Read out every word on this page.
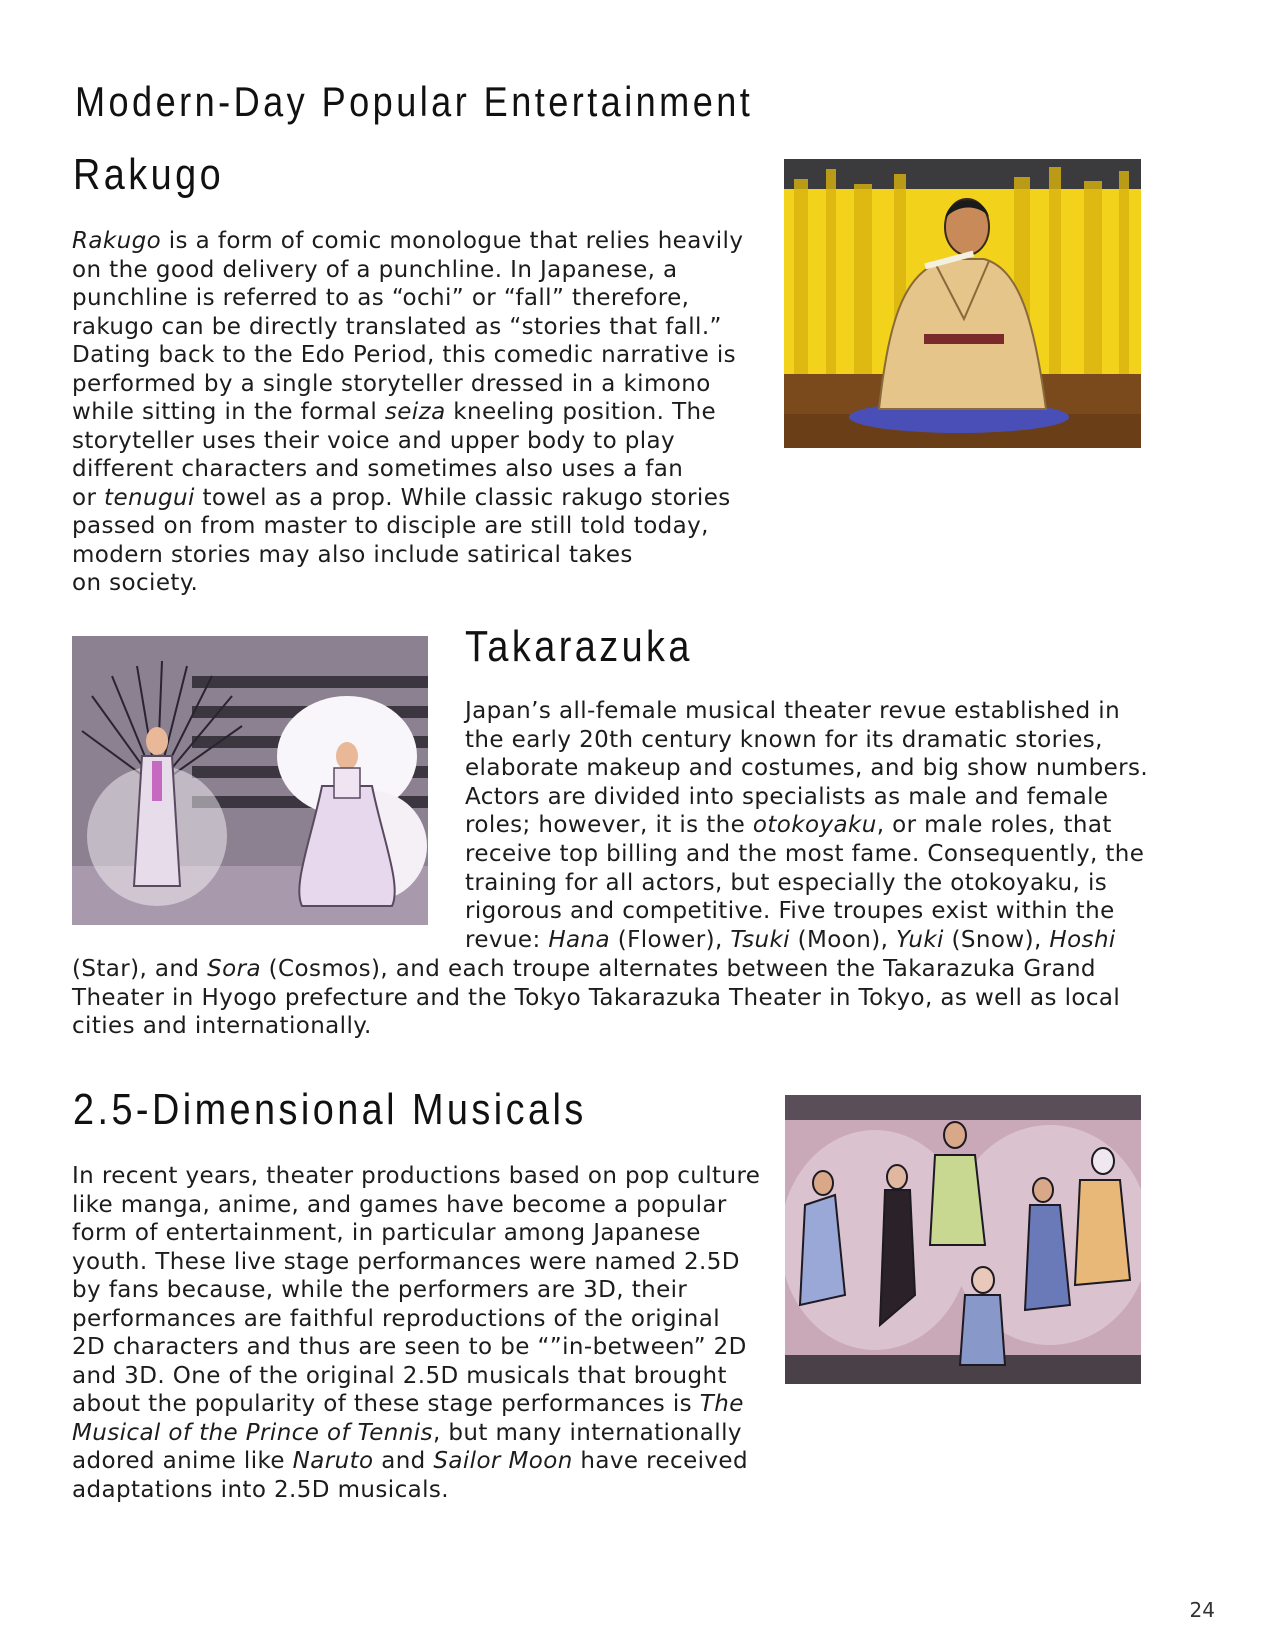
Modern-Day Popular Entertainment
Rakugo
Rakugo is a form of comic monologue that relies heavily
on the good delivery of a punchline. In Japanese, a
punchline is referred to as “ochi” or “fall” therefore,
rakugo can be directly translated as “stories that fall.”
Dating back to the Edo Period, this comedic narrative is
performed by a single storyteller dressed in a kimono
while sitting in the formal seiza kneeling position. The
storyteller uses their voice and upper body to play
different characters and sometimes also uses a fan
or tenugui towel as a prop. While classic rakugo stories
passed on from master to disciple are still told today,
modern stories may also include satirical takes
on society.
Takarazuka
Japan’s all-female musical theater revue established in
the early 20th century known for its dramatic stories,
elaborate makeup and costumes, and big show numbers.
Actors are divided into specialists as male and female
roles; however, it is the otokoyaku, or male roles, that
receive top billing and the most fame. Consequently, the
training for all actors, but especially the otokoyaku, is
rigorous and competitive. Five troupes exist within the
revue: Hana (Flower), Tsuki (Moon), Yuki (Snow), Hoshi
(Star), and Sora (Cosmos), and each troupe alternates between the Takarazuka Grand
Theater in Hyogo prefecture and the Tokyo Takarazuka Theater in Tokyo, as well as local
cities and internationally.
2.5-Dimensional Musicals
In recent years, theater productions based on pop culture
like manga, anime, and games have become a popular
form of entertainment, in particular among Japanese
youth. These live stage performances were named 2.5D
by fans because, while the performers are 3D, their
performances are faithful reproductions of the original
2D characters and thus are seen to be “”in-between” 2D
and 3D. One of the original 2.5D musicals that brought
about the popularity of these stage performances is The
Musical of the Prince of Tennis, but many internationally
adored anime like Naruto and Sailor Moon have received
adaptations into 2.5D musicals.
24
